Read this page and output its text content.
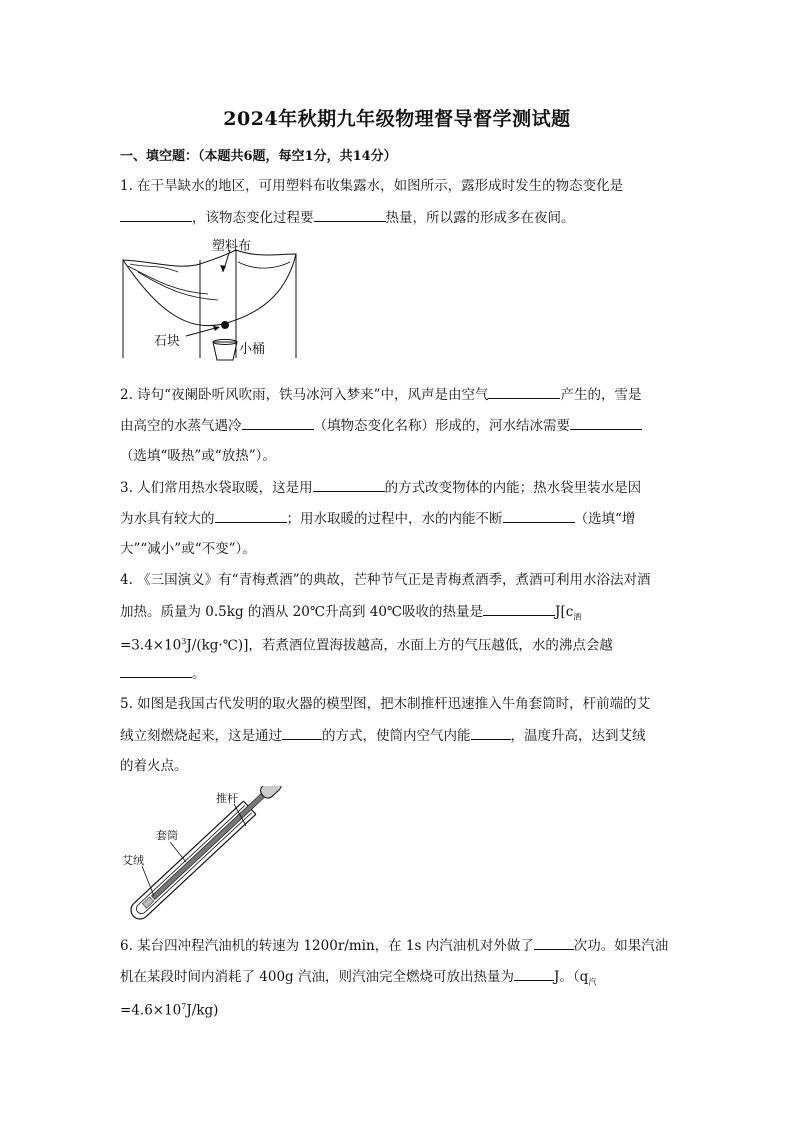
2024年秋期九年级物理督导督学测试题
一、填空题：（本题共6题，每空1分，共14分）
1. 在干旱缺水的地区，可用塑料布收集露水，如图所示，露形成时发生的物态变化是
，该物态变化过程要	热量，所以露的形成多在夜间。
塑料布
石块
小桶
2. 诗句“夜阑卧听风吹雨，铁马冰河入梦来”中，风声是由空气	产生的，雪是
由高空的水蒸气遇冷	（填物态变化名称）形成的，河水结冰需要
（选填“吸热”或“放热”）。
3. 人们常用热水袋取暖，这是用	的方式改变物体的内能；热水袋里装水是因
为水具有较大的	；用水取暖的过程中，水的内能不断	（选填“增
大”“减小”或“不变”）。
4. 《三国演义》有“青梅煮酒”的典故，芒种节气正是青梅煮酒季，煮酒可利用水浴法对酒
加热。质量为 0.5kg 的酒从 20℃升高到 40℃吸收的热量是	$J[c_酒$
$=3.4\times 10^3J/(kg\cdot℃)$]，若煮酒位置海拔越高，水面上方的气压越低，水的沸点会越
。
5. 如图是我国古代发明的取火器的模型图，把木制推杆迅速推入牛角套筒时，杆前端的艾
绒立刻燃烧起来，这是通过	的方式，使筒内空气内能	，温度升高，达到艾绒
的着火点。
推杆
套筒
艾绒
6. 某台四冲程汽油机的转速为 1200r/min，在 1s 内汽油机对外做了	次功。如果汽油
机在某段时间内消耗了 400g 汽油，则汽油完全燃烧可放出热量为	J。（$q_汽$
$=4.6\times 10^7J/kg$)
